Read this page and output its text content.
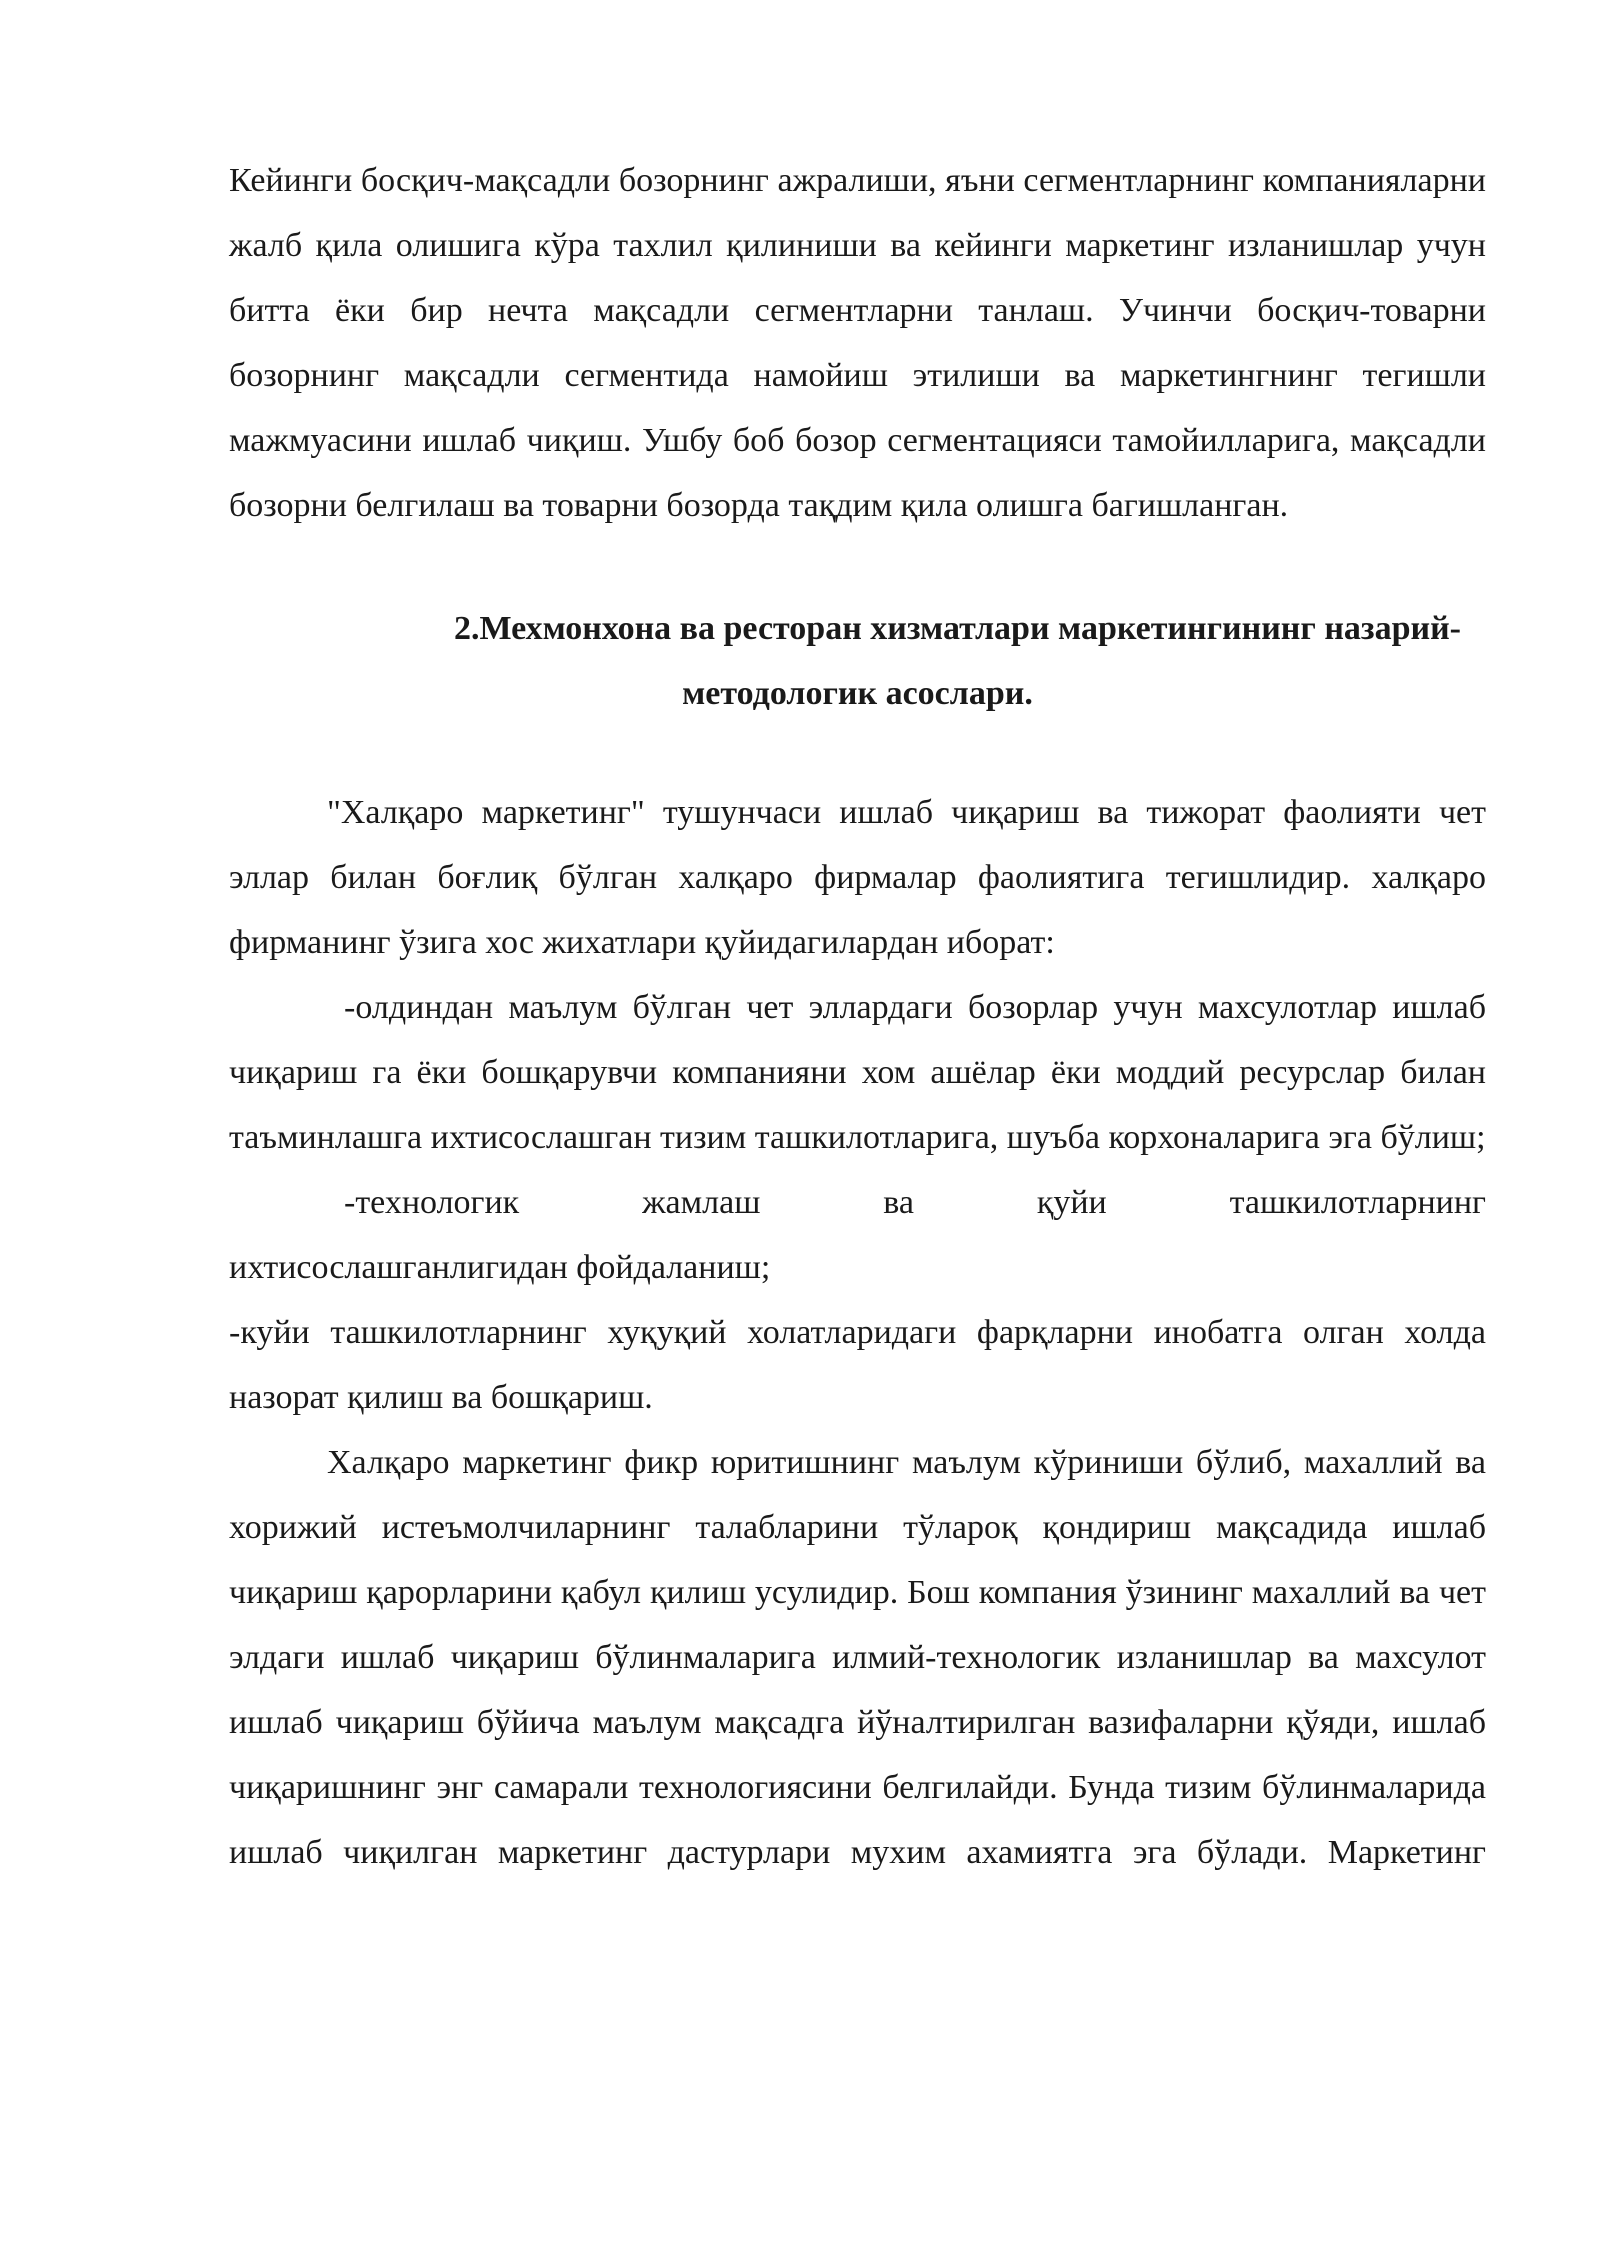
Кейинги босқич-мақсадли бозорнинг ажралиши, яъни сегментларнинг компанияларни жалб қила олишига кўра тахлил қилиниши ва кейинги маркетинг изланишлар учун битта ёки бир нечта мақсадли сегментларни танлаш. Учинчи босқич-товарни бозорнинг мақсадли сегментида намойиш этилиши ва маркетингнинг тегишли мажмуасини ишлаб чиқиш. Ушбу боб бозор сегментацияси тамойилларига, мақсадли бозорни белгилаш ва товарни бозорда тақдим қила олишга багишланган.

2.Мехмонхона ва ресторан хизматлари маркетингининг назарий-
методологик асослари.

"Халқаро маркетинг" тушунчаси ишлаб чиқариш ва тижорат фаолияти чет эллар билан боғлиқ бўлган халқаро фирмалар фаолиятига тегишлидир. халқаро фирманинг ўзига хос жихатлари қуйидагилардан иборат:

-олдиндан маълум бўлган чет эллардаги бозорлар учун махсулотлар ишлаб чиқариш га ёки бошқарувчи компанияни хом ашёлар ёки моддий ресурслар билан таъминлашга ихтисослашган тизим ташкилотларига, шуъба корхоналарига эга бўлиш;

-технологик жамлаш ва қуйи ташкилотларнинг

ихтисослашганлигидан фойдаланиш;

-куйи ташкилотларнинг хуқуқий холатларидаги фарқларни инобатга олган холда назорат қилиш ва бошқариш.

Халқаро маркетинг фикр юритишнинг маълум кўриниши бўлиб, махаллий ва хорижий истеъмолчиларнинг талабларини тўлароқ қондириш мақсадида ишлаб чиқариш қарорларини қабул қилиш усулидир. Бош компания ўзининг махаллий ва чет элдаги ишлаб чиқариш бўлинмаларига илмий-технологик изланишлар ва махсулот ишлаб чиқариш бўйича маълум мақсадга йўналтирилган вазифаларни қўяди, ишлаб чиқаришнинг энг самарали технологиясини белгилайди. Бунда тизим бўлинмаларида ишлаб чиқилган маркетинг дастурлари мухим ахамиятга эга бўлади. Маркетинг
